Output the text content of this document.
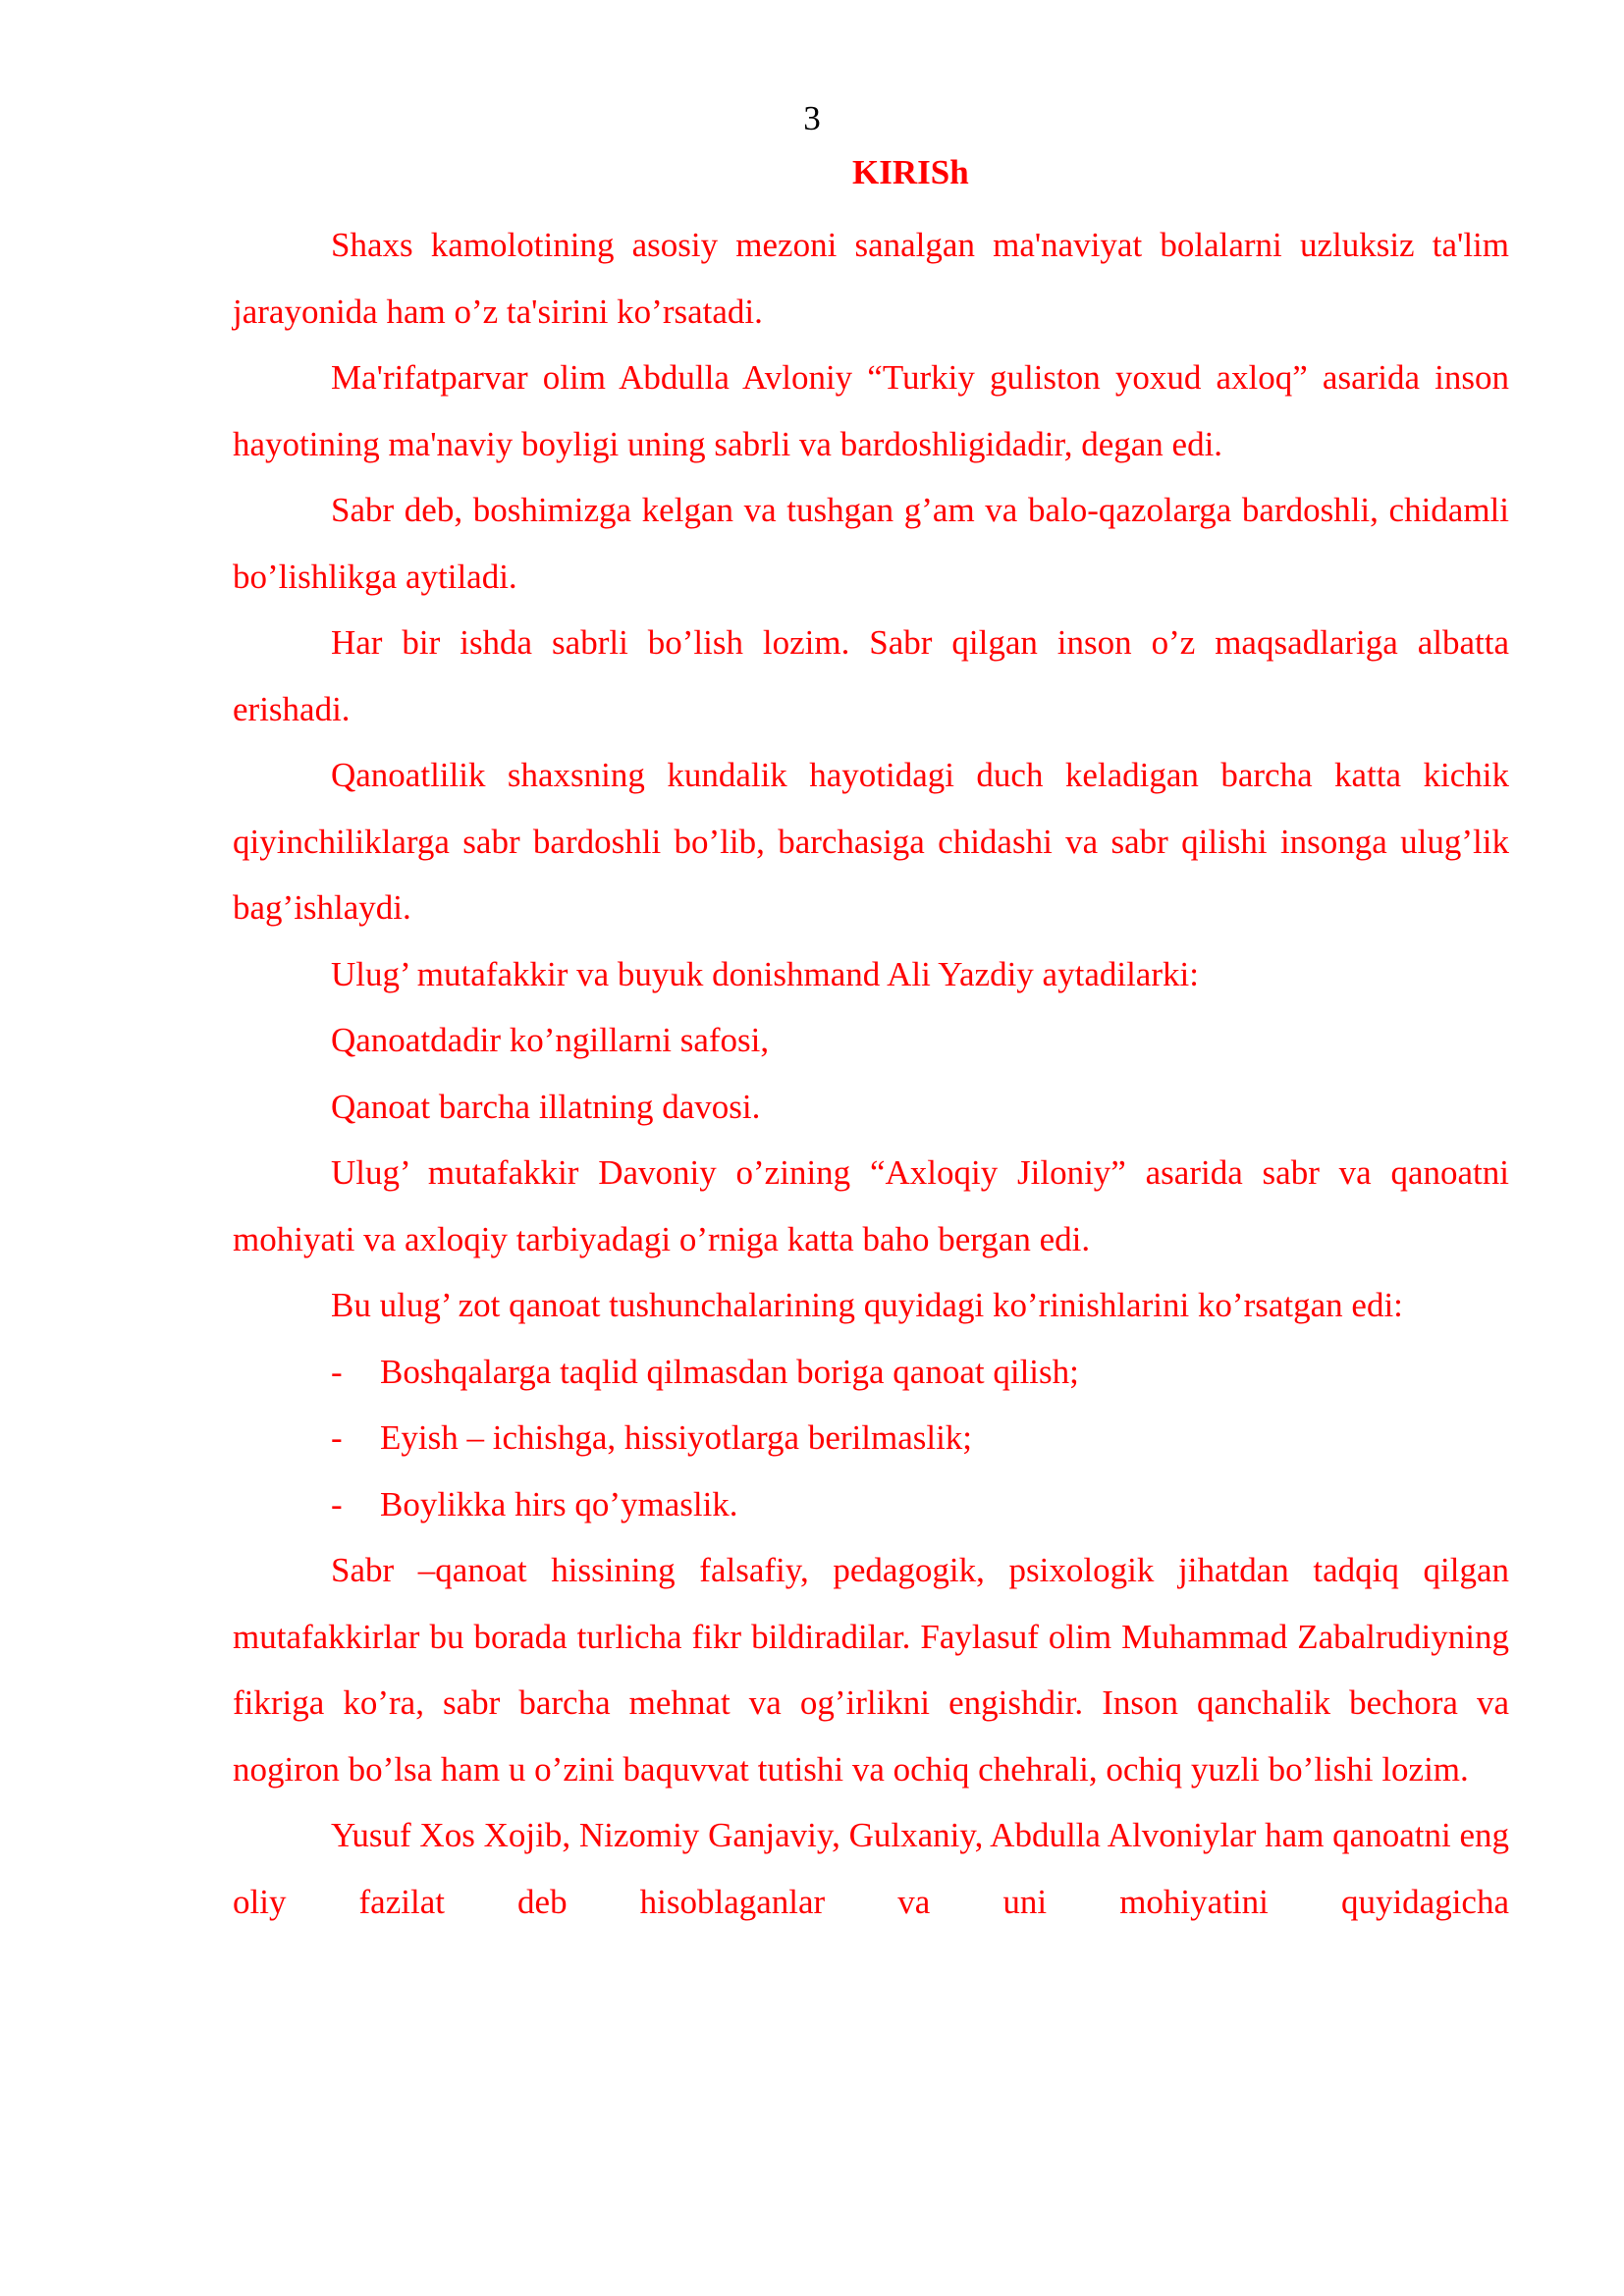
3
KIRISh

Shaxs kamolotining asosiy mezoni sanalgan ma'naviyat bolalarni uzluksiz ta'lim jarayonida ham o’z ta'sirini ko’rsatadi.

Ma'rifatparvar olim Abdulla Avloniy “Turkiy guliston yoxud axloq” asarida inson hayotining ma'naviy boyligi uning sabrli va bardoshligidadir, degan edi.

Sabr deb, boshimizga kelgan va tushgan g’am va balo-qazolarga bardoshli, chidamli bo’lishlikga aytiladi.

Har bir ishda sabrli bo’lish lozim. Sabr qilgan inson o’z maqsadlariga albatta erishadi.

Qanoatlilik shaxsning kundalik hayotidagi duch keladigan barcha katta kichik qiyinchiliklarga sabr bardoshli bo’lib, barchasiga chidashi va sabr qilishi insonga ulug’lik bag’ishlaydi.

Ulug’ mutafakkir va buyuk donishmand Ali Yazdiy aytadilarki:

Qanoatdadir ko’ngillarni safosi,

Qanoat barcha illatning davosi.

Ulug’ mutafakkir Davoniy o’zining “Axloqiy Jiloniy” asarida sabr va qanoatni mohiyati va axloqiy tarbiyadagi o’rniga katta baho bergan edi.

Bu ulug’ zot qanoat tushunchalarining quyidagi ko’rinishlarini ko’rsatgan edi:

- Boshqalarga taqlid qilmasdan boriga qanoat qilish;
- Eyish – ichishga, hissiyotlarga berilmaslik;
- Boylikka hirs qo’ymaslik.

Sabr –qanoat hissining falsafiy, pedagogik, psixologik jihatdan tadqiq qilgan mutafakkirlar bu borada turlicha fikr bildiradilar. Faylasuf olim Muhammad Zabalrudiyning fikriga ko’ra, sabr barcha mehnat va og’irlikni engishdir. Inson qanchalik bechora va nogiron bo’lsa ham u o’zini baquvvat tutishi va ochiq chehrali, ochiq yuzli bo’lishi lozim.

Yusuf Xos Xojib, Nizomiy Ganjaviy, Gulxaniy, Abdulla Alvoniylar ham qanoatni eng oliy fazilat deb hisoblaganlar va uni mohiyatini quyidagicha
